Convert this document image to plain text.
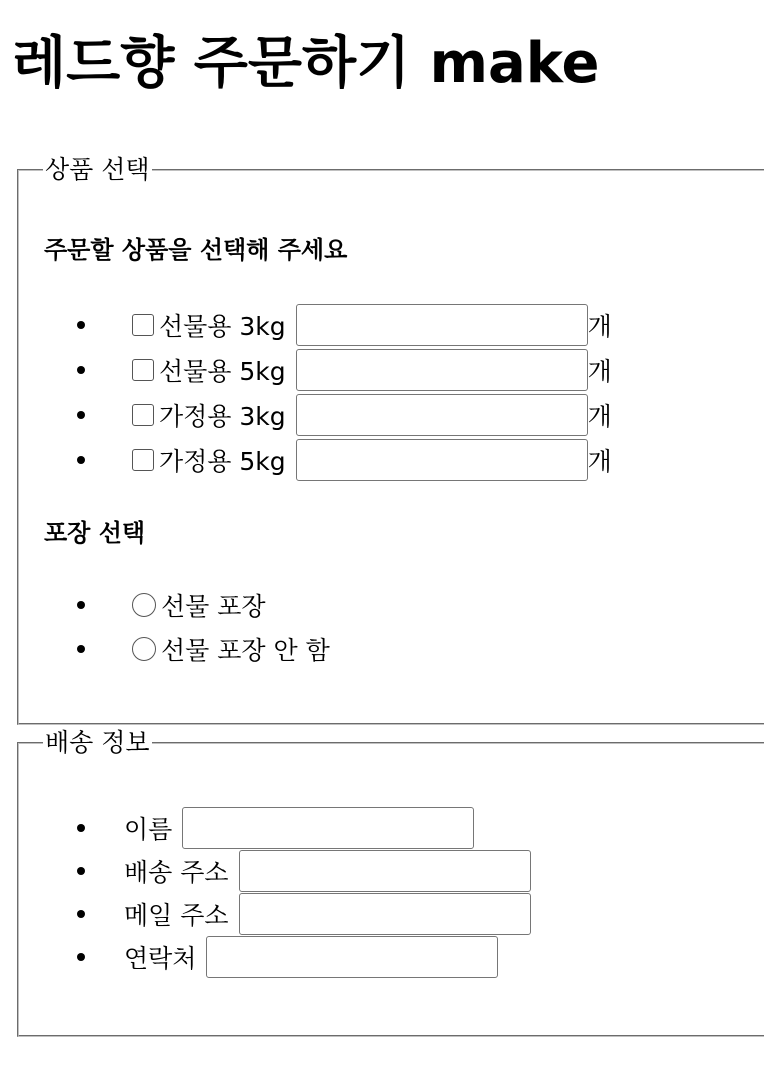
레드향 주문하기 make
상품 선택
주문할 상품을 선택해 주세요
선물용 3kg	개
선물용 5kg	개
가정용 3kg	개
가정용 5kg	개
포장 선택
선물 포장
선물 포장 안 함
배송 정보
이름
배송 주소
메일 주소
연락처
